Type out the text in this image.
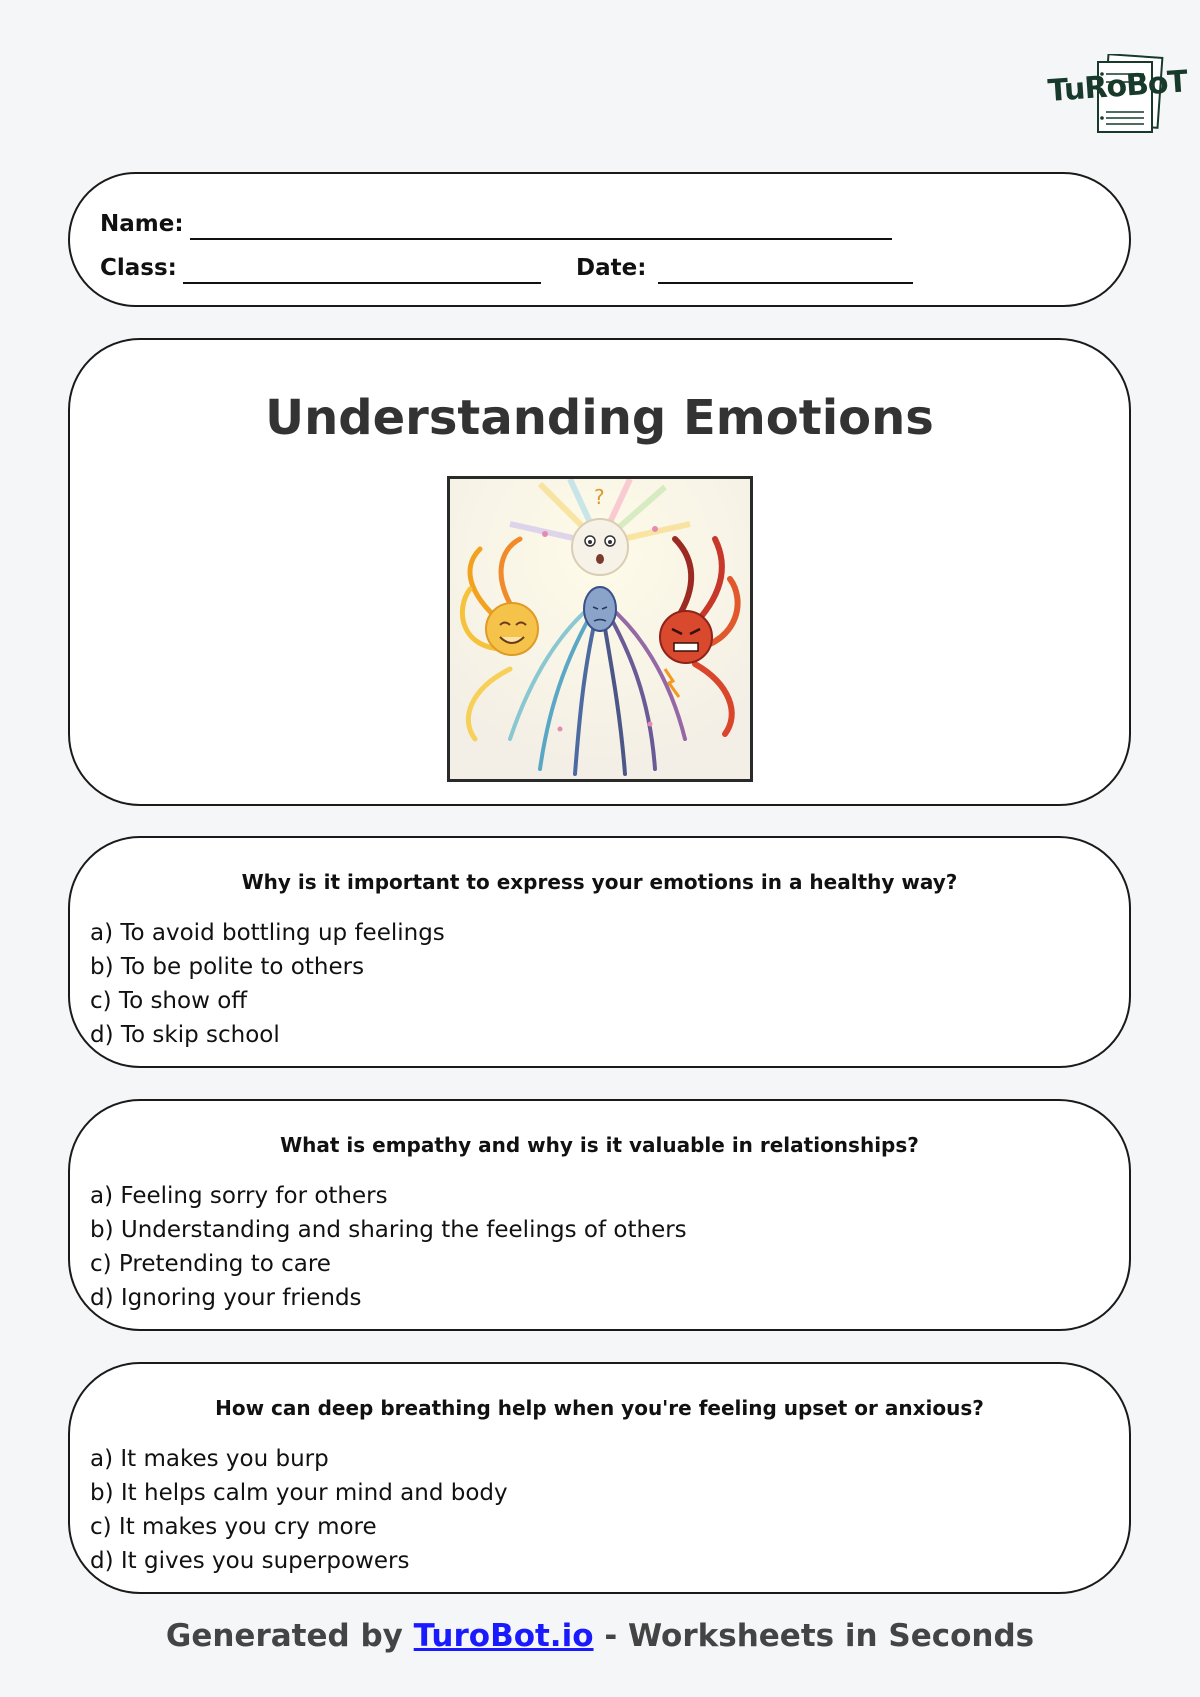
TuRoBoT
Name:
Class:	Date:
Understanding Emotions
?
Why is it important to express your emotions in a healthy way?
a) To avoid bottling up feelings
b) To be polite to others
c) To show off
d) To skip school
What is empathy and why is it valuable in relationships?
a) Feeling sorry for others
b) Understanding and sharing the feelings of others
c) Pretending to care
d) Ignoring your friends
How can deep breathing help when you're feeling upset or anxious?
a) It makes you burp
b) It helps calm your mind and body
c) It makes you cry more
d) It gives you superpowers
Generated by TuroBot.io - Worksheets in Seconds
